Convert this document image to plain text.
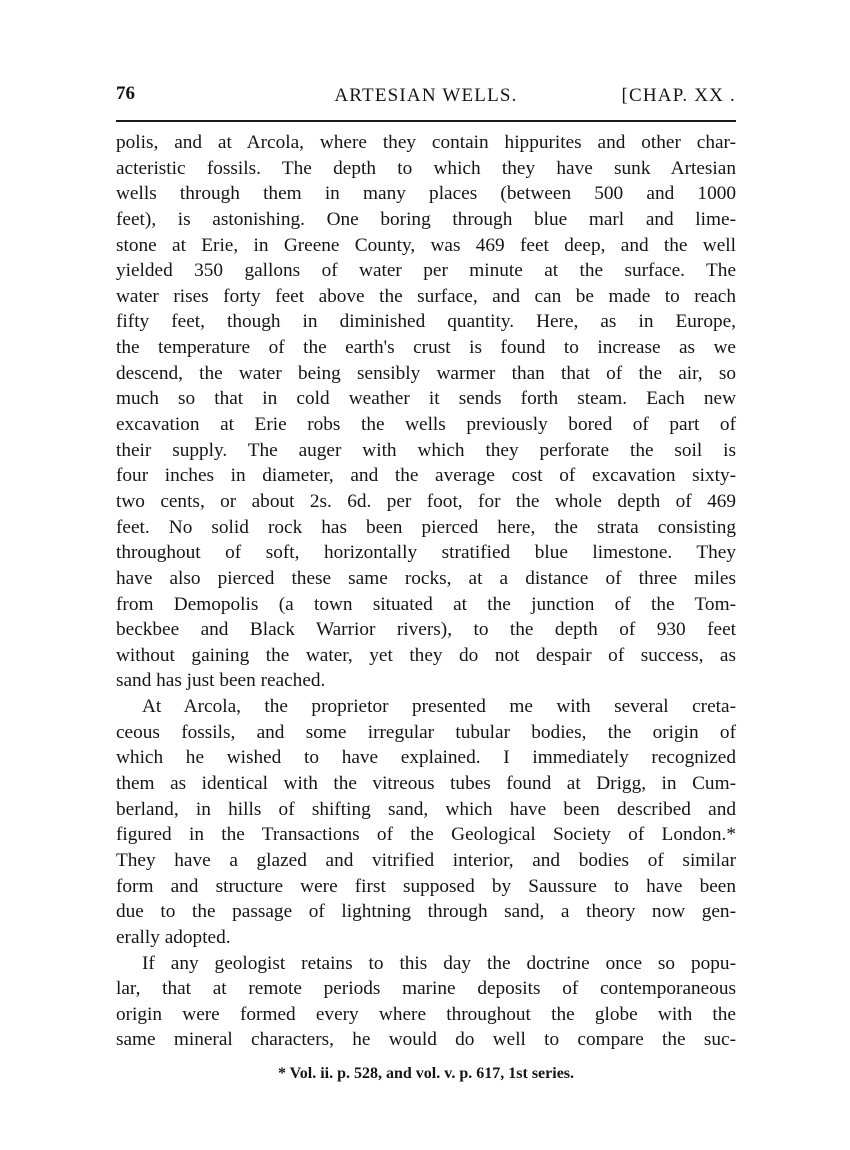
76	ARTESIAN WELLS.	[CHAP. XX .
polis, and at Arcola, where they contain hippurites and other char-
acteristic fossils. The depth to which they have sunk Artesian
wells through them in many places (between 500 and 1000
feet), is astonishing. One boring through blue marl and lime-
stone at Erie, in Greene County, was 469 feet deep, and the well
yielded 350 gallons of water per minute at the surface. The
water rises forty feet above the surface, and can be made to reach
fifty feet, though in diminished quantity. Here, as in Europe,
the temperature of the earth's crust is found to increase as we
descend, the water being sensibly warmer than that of the air, so
much so that in cold weather it sends forth steam. Each new
excavation at Erie robs the wells previously bored of part of
their supply. The auger with which they perforate the soil is
four inches in diameter, and the average cost of excavation sixty-
two cents, or about 2s. 6d. per foot, for the whole depth of 469
feet. No solid rock has been pierced here, the strata consisting
throughout of soft, horizontally stratified blue limestone. They
have also pierced these same rocks, at a distance of three miles
from Demopolis (a town situated at the junction of the Tom-
beckbee and Black Warrior rivers), to the depth of 930 feet
without gaining the water, yet they do not despair of success, as
sand has just been reached.
At Arcola, the proprietor presented me with several creta-
ceous fossils, and some irregular tubular bodies, the origin of
which he wished to have explained. I immediately recognized
them as identical with the vitreous tubes found at Drigg, in Cum-
berland, in hills of shifting sand, which have been described and
figured in the Transactions of the Geological Society of London.*
They have a glazed and vitrified interior, and bodies of similar
form and structure were first supposed by Saussure to have been
due to the passage of lightning through sand, a theory now gen-
erally adopted.
If any geologist retains to this day the doctrine once so popu-
lar, that at remote periods marine deposits of contemporaneous
origin were formed every where throughout the globe with the
same mineral characters, he would do well to compare the suc-
* Vol. ii. p. 528, and vol. v. p. 617, 1st series.
